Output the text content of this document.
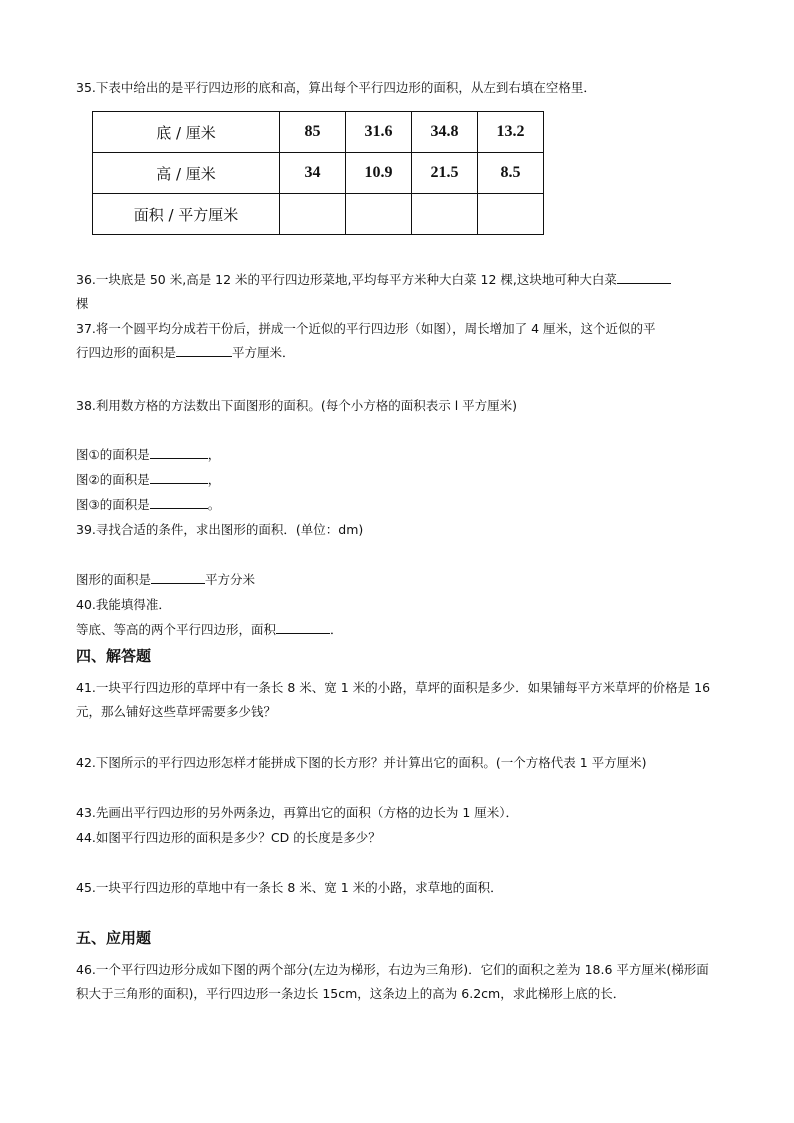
35.下表中给出的是平行四边形的底和高，算出每个平行四边形的面积，从左到右填在空格里．
底 / 厘米	85	31.6	34.8	13.2
高 / 厘米	34	10.9	21.5	8.5
面积 / 平方厘米				
36.一块底是 50 米,高是 12 米的平行四边形菜地,平均每平方米种大白菜 12 棵,这块地可种大白菜
棵
37.将一个圆平均分成若干份后，拼成一个近似的平行四边形（如图），周长增加了 4 厘米，这个近似的平
行四边形的面积是	平方厘米．
38.利用数方格的方法数出下面图形的面积。(每个小方格的面积表示 l 平方厘米)
图①的面积是	，
图②的面积是	，
图③的面积是	。
39.寻找合适的条件，求出图形的面积．(单位：dm)
图形的面积是	平方分米
40.我能填得准．
等底、等高的两个平行四边形，面积	．
四、解答题
41.一块平行四边形的草坪中有一条长 8 米、宽 1 米的小路，草坪的面积是多少．如果铺每平方米草坪的价格是 16 元，那么铺好这些草坪需要多少钱？
42.下图所示的平行四边形怎样才能拼成下图的长方形？并计算出它的面积。(一个方格代表 1 平方厘米)
43.先画出平行四边形的另外两条边，再算出它的面积（方格的边长为 1 厘米）．
44.如图平行四边形的面积是多少？CD 的长度是多少？
45.一块平行四边形的草地中有一条长 8 米、宽 1 米的小路，求草地的面积．
五、应用题
46.一个平行四边形分成如下图的两个部分(左边为梯形，右边为三角形)．它们的面积之差为 18.6 平方厘米(梯形面积大于三角形的面积)，平行四边形一条边长 15cm，这条边上的高为 6.2cm，求此梯形上底的长．
